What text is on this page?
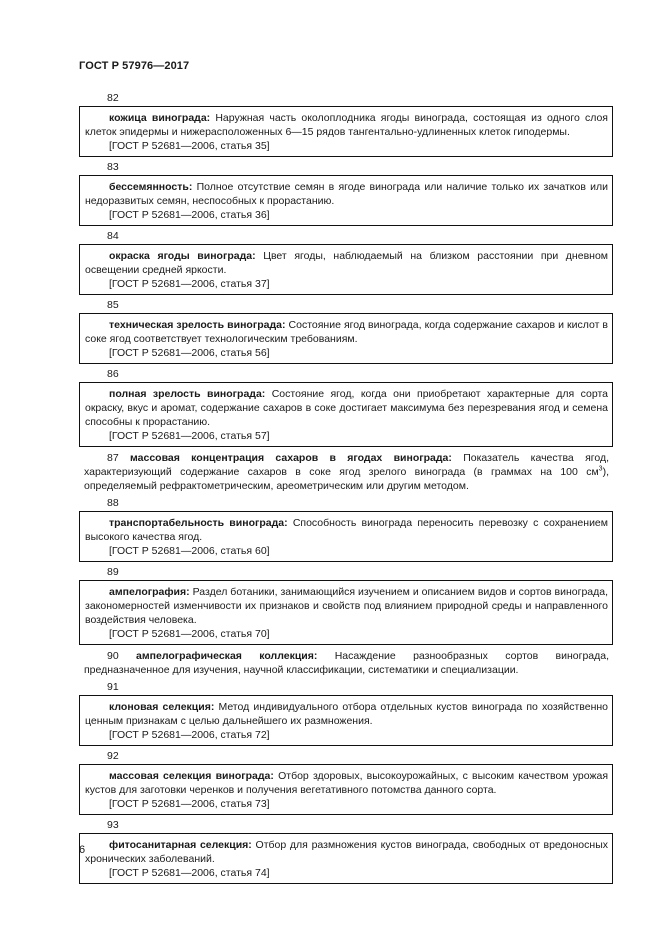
ГОСТ Р 57976—2017
82
кожица винограда: Наружная часть околоплодника ягоды винограда, состоящая из одного слоя клеток эпидермы и нижерасположенных 6—15 рядов тангентально-удлиненных клеток гиподермы.
[ГОСТ Р 52681—2006, статья 35]
83
бессемянность: Полное отсутствие семян в ягоде винограда или наличие только их зачатков или недоразвитых семян, неспособных к прорастанию.
[ГОСТ Р 52681—2006, статья 36]
84
окраска ягоды винограда: Цвет ягоды, наблюдаемый на близком расстоянии при дневном освещении средней яркости.
[ГОСТ Р 52681—2006, статья 37]
85
техническая зрелость винограда: Состояние ягод винограда, когда содержание сахаров и кислот в соке ягод соответствует технологическим требованиям.
[ГОСТ Р 52681—2006, статья 56]
86
полная зрелость винограда: Состояние ягод, когда они приобретают характерные для сорта окраску, вкус и аромат, содержание сахаров в соке достигает максимума без перезревания ягод и семена способны к прорастанию.
[ГОСТ Р 52681—2006, статья 57]
87 массовая концентрация сахаров в ягодах винограда: Показатель качества ягод, характеризующий содержание сахаров в соке ягод зрелого винограда (в граммах на 100 $см^3$), определяемый рефрактометрическим, ареометрическим или другим методом.
88
транспортабельность винограда: Способность винограда переносить перевозку с сохранением высокого качества ягод.
[ГОСТ Р 52681—2006, статья 60]
89
ампелография: Раздел ботаники, занимающийся изучением и описанием видов и сортов винограда, закономерностей изменчивости их признаков и свойств под влиянием природной среды и направленного воздействия человека.
[ГОСТ Р 52681—2006, статья 70]
90 ампелографическая коллекция: Насаждение разнообразных сортов винограда, предназначенное для изучения, научной классификации, систематики и специализации.
91
клоновая селекция: Метод индивидуального отбора отдельных кустов винограда по хозяйственно ценным признакам с целью дальнейшего их размножения.
[ГОСТ Р 52681—2006, статья 72]
92
массовая селекция винограда: Отбор здоровых, высокоурожайных, с высоким качеством урожая кустов для заготовки черенков и получения вегетативного потомства данного сорта.
[ГОСТ Р 52681—2006, статья 73]
93
фитосанитарная селекция: Отбор для размножения кустов винограда, свободных от вредоносных хронических заболеваний.
[ГОСТ Р 52681—2006, статья 74]
6
